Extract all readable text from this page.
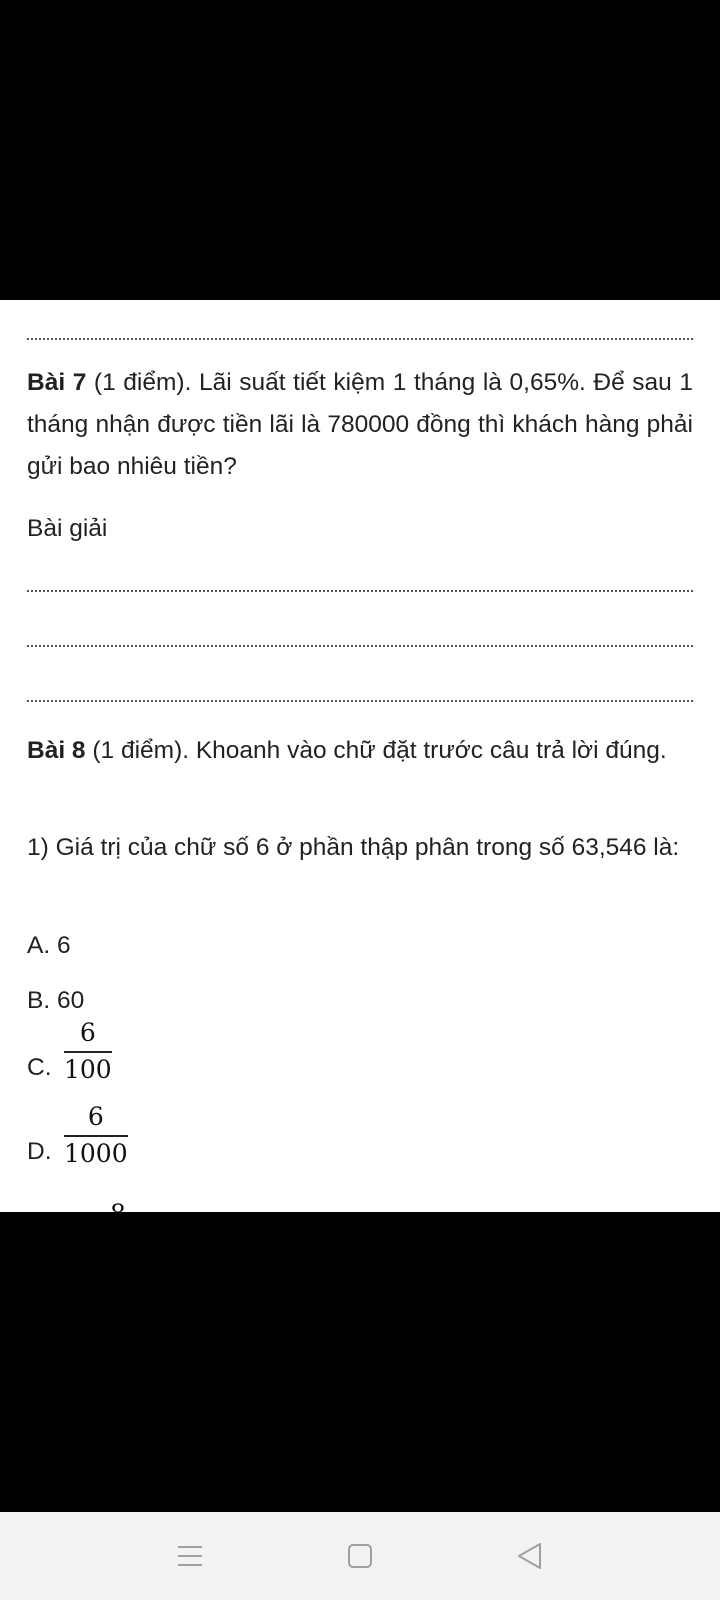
Bài 7 (1 điểm). Lãi suất tiết kiệm 1 tháng là 0,65%. Để sau 1 tháng nhận được tiền lãi là 780000 đồng thì khách hàng phải gửi bao nhiêu tiền?

Bài giải

Bài 8 (1 điểm). Khoanh vào chữ đặt trước câu trả lời đúng.

1) Giá trị của chữ số 6 ở phần thập phân trong số 63,546 là:

A. 6
B. 60
C.
6
100
D.
6
1000
